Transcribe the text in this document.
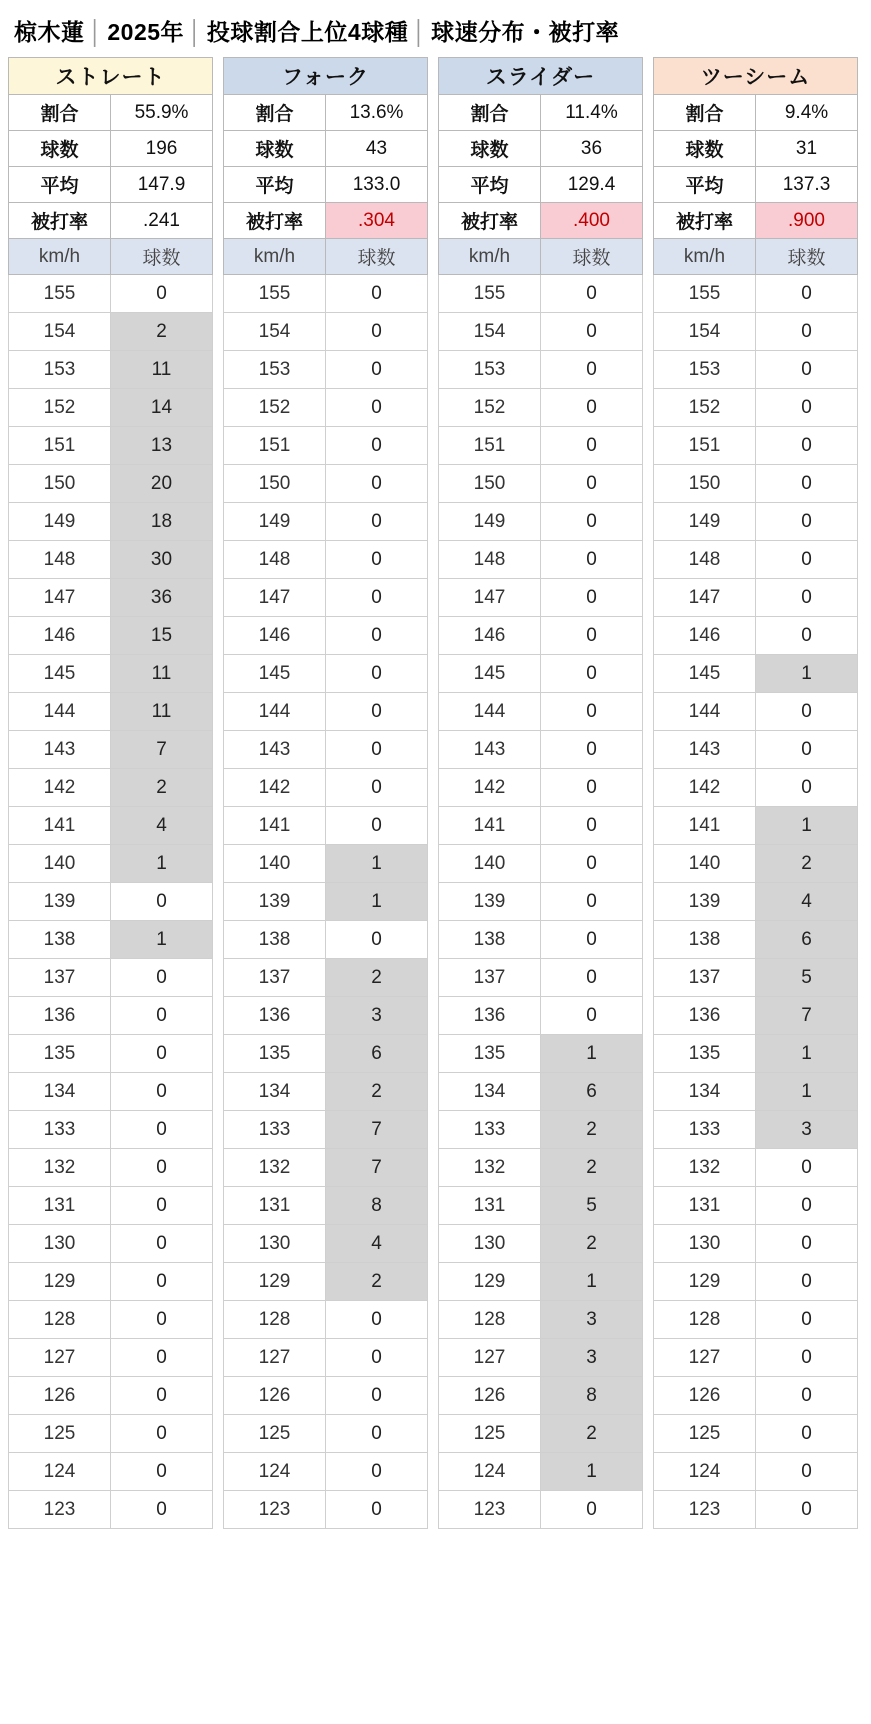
椋木蓮 │ 2025年 │ 投球割合上位4球種 │ 球速分布・被打率
ストレート	
割合	55.9%
球数	196
平均	147.9
被打率	.241
km/h	球数
155	0
154	2
153	11
152	14
151	13
150	20
149	18
148	30
147	36
146	15
145	11
144	11
143	7
142	2
141	4
140	1
139	0
138	1
137	0
136	0
135	0
134	0
133	0
132	0
131	0
130	0
129	0
128	0
127	0
126	0
125	0
124	0
123	0
フォーク	
割合	13.6%
球数	43
平均	133.0
被打率	.304
km/h	球数
155	0
154	0
153	0
152	0
151	0
150	0
149	0
148	0
147	0
146	0
145	0
144	0
143	0
142	0
141	0
140	1
139	1
138	0
137	2
136	3
135	6
134	2
133	7
132	7
131	8
130	4
129	2
128	0
127	0
126	0
125	0
124	0
123	0
スライダー	
割合	11.4%
球数	36
平均	129.4
被打率	.400
km/h	球数
155	0
154	0
153	0
152	0
151	0
150	0
149	0
148	0
147	0
146	0
145	0
144	0
143	0
142	0
141	0
140	0
139	0
138	0
137	0
136	0
135	1
134	6
133	2
132	2
131	5
130	2
129	1
128	3
127	3
126	8
125	2
124	1
123	0
ツーシーム	
割合	9.4%
球数	31
平均	137.3
被打率	.900
km/h	球数
155	0
154	0
153	0
152	0
151	0
150	0
149	0
148	0
147	0
146	0
145	1
144	0
143	0
142	0
141	1
140	2
139	4
138	6
137	5
136	7
135	1
134	1
133	3
132	0
131	0
130	0
129	0
128	0
127	0
126	0
125	0
124	0
123	0
